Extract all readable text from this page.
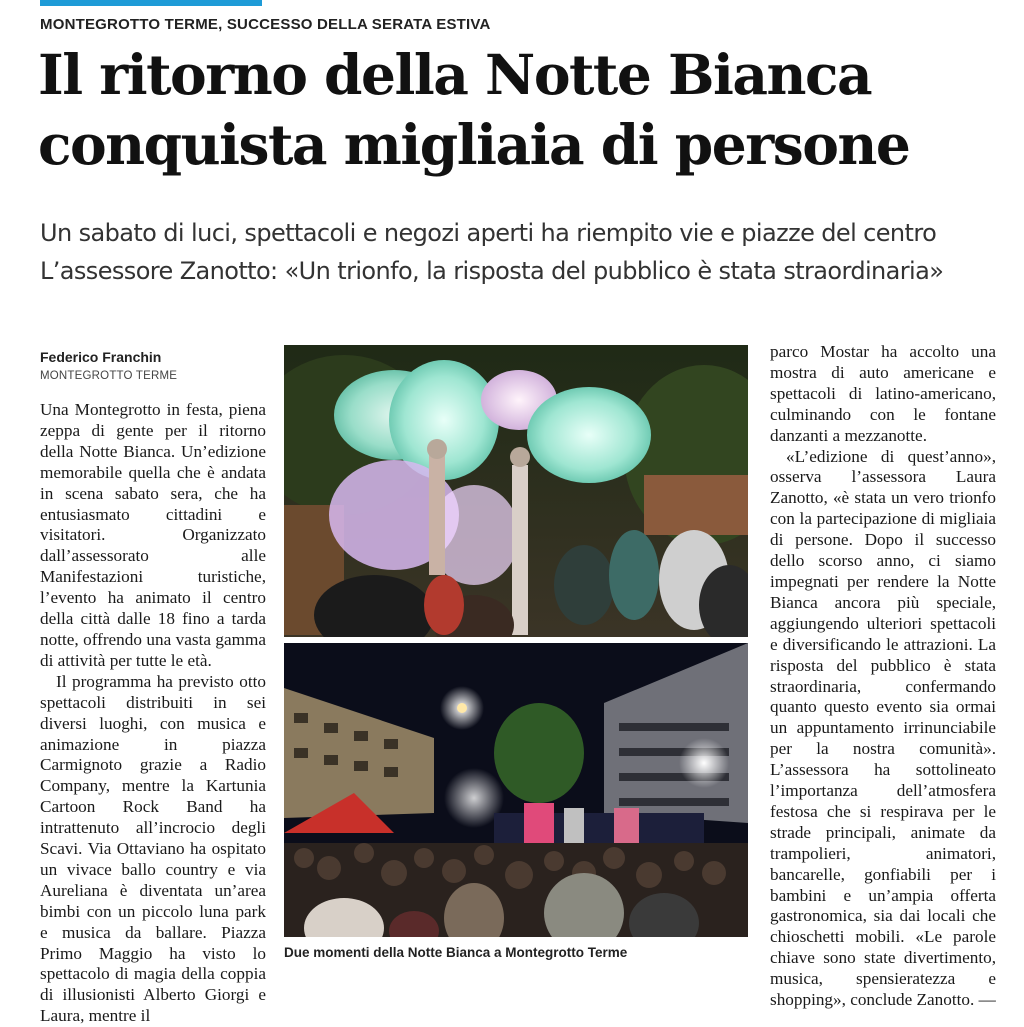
MONTEGROTTO TERME, SUCCESSO DELLA SERATA ESTIVA
Il ritorno della Notte Bianca
conquista migliaia di persone
Un sabato di luci, spettacoli e negozi aperti ha riempito vie e piazze del centro
L’assessore Zanotto: «Un trionfo, la risposta del pubblico è stata straordinaria»
Federico Franchin
MONTEGROTTO TERME

Una Montegrotto in festa, piena zeppa di gente per il ritorno della Notte Bianca. Un’edizione memorabile quella che è andata in scena sabato sera, che ha entusiasmato cittadini e visitatori. Organizzato dall’assessorato alle Manifestazioni turistiche, l’evento ha animato il centro della città dalle 18 fino a tarda notte, offrendo una vasta gamma di attività per tutte le età.

Il programma ha previsto otto spettacoli distribuiti in sei diversi luoghi, con musica e animazione in piazza Carmignoto grazie a Radio Company, mentre la Kartunia Cartoon Rock Band ha intrattenuto all’incrocio degli Scavi. Via Ottaviano ha ospitato un vivace ballo country e via Aureliana è diventata un’area bimbi con un piccolo luna park e musica da ballare. Piazza Primo Maggio ha visto lo spettacolo di magia della coppia di illusionisti Alberto Giorgi e Laura, mentre il

Due momenti della Notte Bianca a Montegrotto Terme

parco Mostar ha accolto una mostra di auto americane e spettacoli di latino-americano, culminando con le fontane danzanti a mezzanotte.

«L’edizione di quest’anno», osserva l’assessora Laura Zanotto, «è stata un vero trionfo con la partecipazione di migliaia di persone. Dopo il successo dello scorso anno, ci siamo impegnati per rendere la Notte Bianca ancora più speciale, aggiungendo ulteriori spettacoli e diversificando le attrazioni. La risposta del pubblico è stata straordinaria, confermando quanto questo evento sia ormai un appuntamento irrinunciabile per la nostra comunità». L’assessora ha sottolineato l’importanza dell’atmosfera festosa che si respirava per le strade principali, animate da trampolieri, animatori, bancarelle, gonfiabili per i bambini e un’ampia offerta gastronomica, sia dai locali che chioschetti mobili. «Le parole chiave sono state divertimento, musica, spensieratezza e shopping», conclude Zanotto. —
